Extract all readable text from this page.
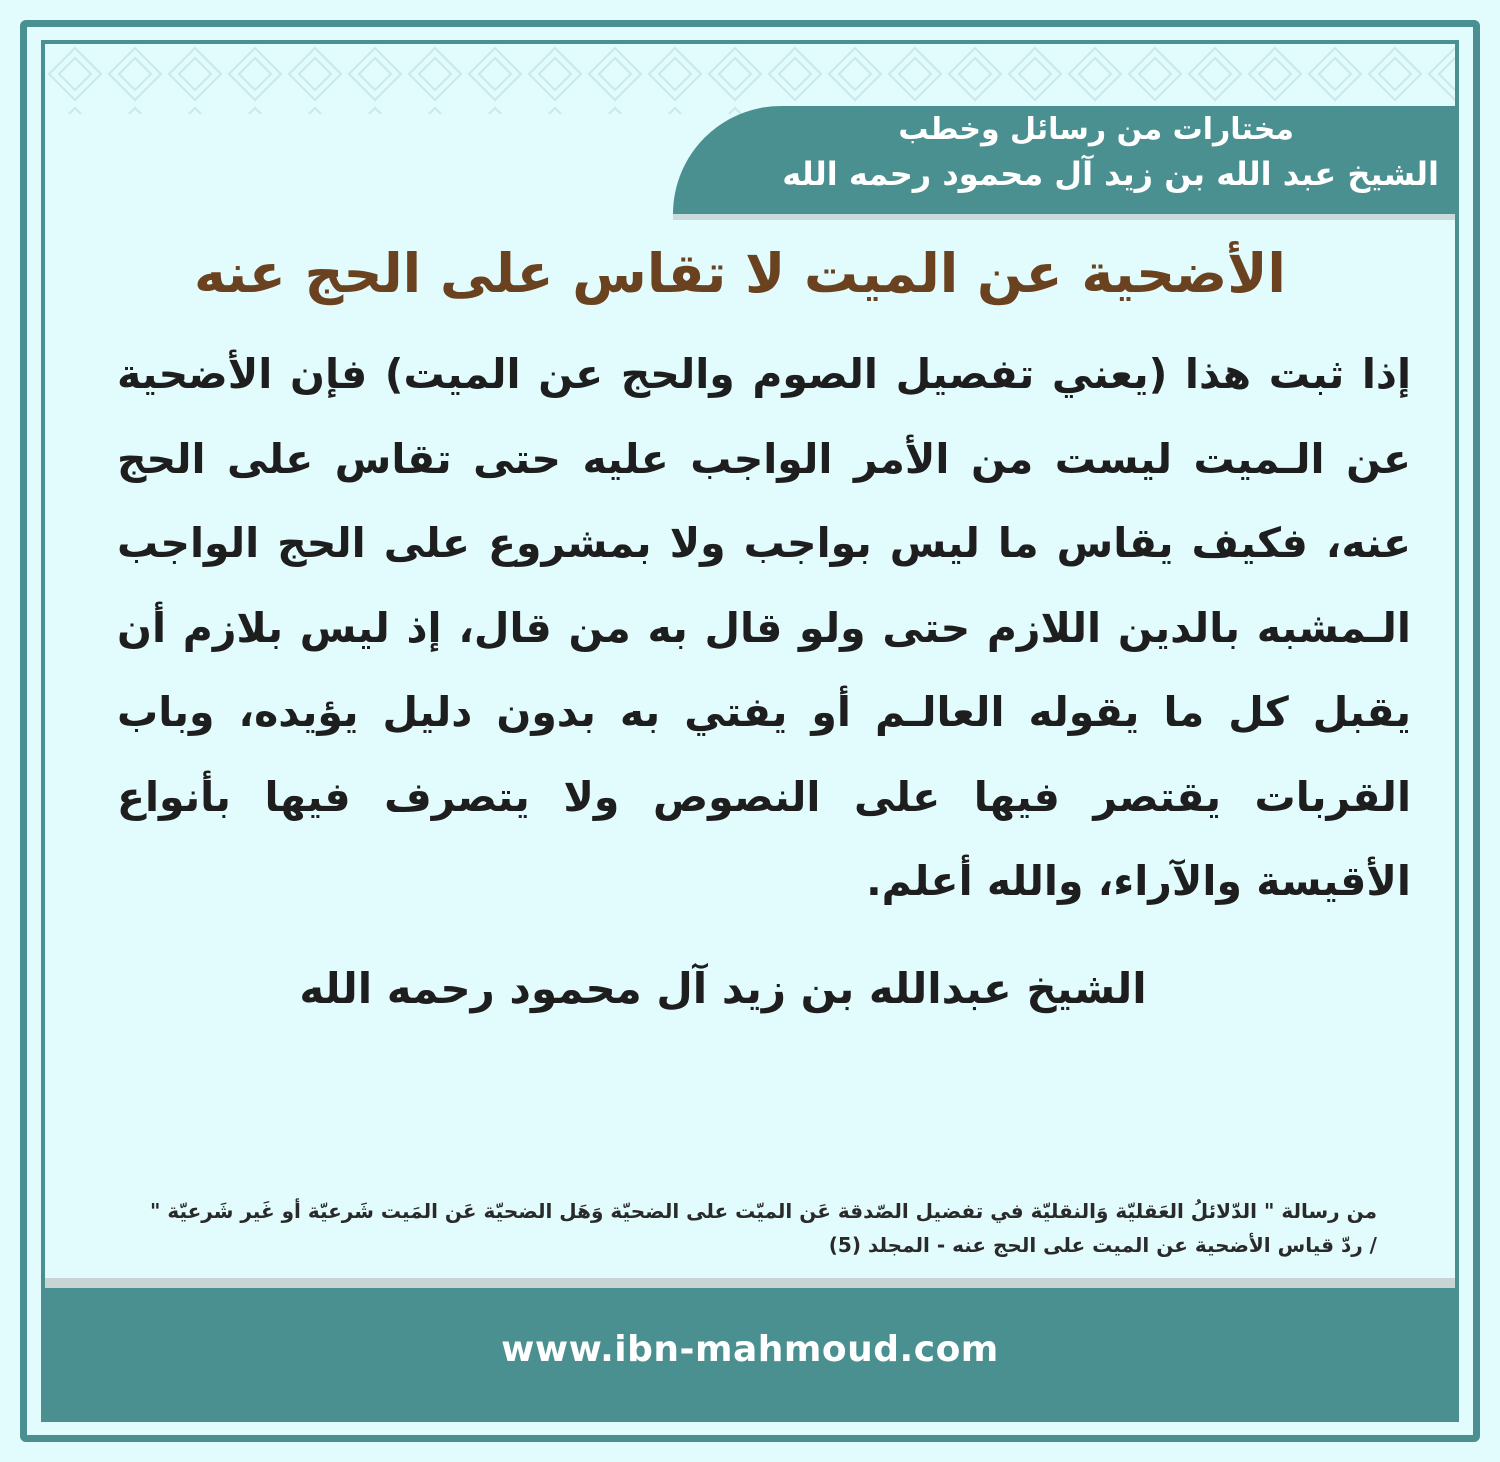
مختارات من رسائل وخطب
الشيخ عبد الله بن زيد آل محمود رحمه الله
الأضحية عن الميت لا تقاس على الحج عنه
إذا ثبت هذا (يعني تفصيل الصوم والحج عن الميت) فإن الأضحية عن الـميت ليست من الأمر الواجب عليه حتى تقاس على الحج عنه، فكيف يقاس ما ليس بواجب ولا بمشروع على الحج الواجب الـمشبه بالدين اللازم حتى ولو قال به من قال، إذ ليس بلازم أن يقبل كل ما يقوله العالـم أو يفتي به بدون دليل يؤيده، وباب القربات يقتصر فيها على النصوص ولا يتصرف فيها بأنواع الأقيسة والآراء، والله أعلم.
من رسالة " الدّلائلُ العَقليّة وَالنقليّة في تفضيل الصّدقة عَن الميّت على الضحيّة وَهَل الضحيّة عَن المَيت شَرعيّة أو غَير شَرعيّة " / ردّ قياس الأضحية عن الميت على الحج عنه - المجلد (5)
www.ibn-mahmoud.com
الشيخ عبدالله بن زيد آل محمود رحمه الله
